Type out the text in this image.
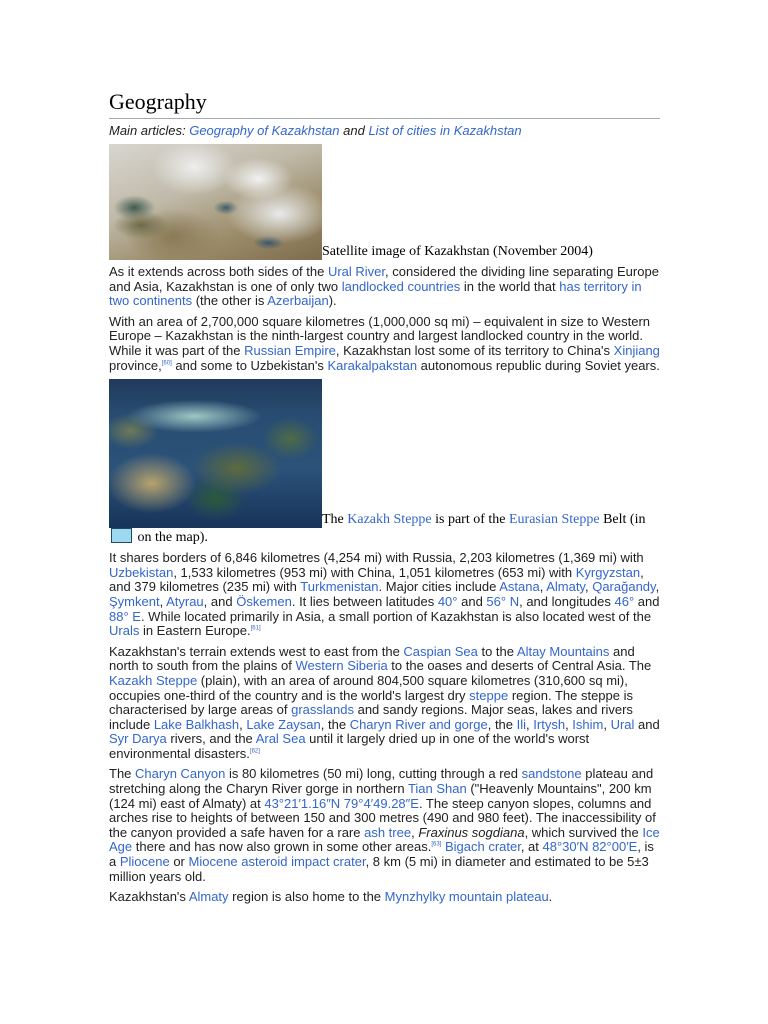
Geography
Main articles: Geography of Kazakhstan and List of cities in Kazakhstan
Satellite image of Kazakhstan (November 2004)

As it extends across both sides of the Ural River, considered the dividing line separating Europe and Asia, Kazakhstan is one of only two landlocked countries in the world that has territory in two continents (the other is Azerbaijan).

With an area of 2,700,000 square kilometres (1,000,000 sq mi) – equivalent in size to Western Europe – Kazakhstan is the ninth-largest country and largest landlocked country in the world. While it was part of the Russian Empire, Kazakhstan lost some of its territory to China's Xinjiang province,[60] and some to Uzbekistan's Karakalpakstan autonomous republic during Soviet years.

The Kazakh Steppe is part of the Eurasian Steppe Belt (in  on the map).

It shares borders of 6,846 kilometres (4,254 mi) with Russia, 2,203 kilometres (1,369 mi) with Uzbekistan, 1,533 kilometres (953 mi) with China, 1,051 kilometres (653 mi) with Kyrgyzstan, and 379 kilometres (235 mi) with Turkmenistan. Major cities include Astana, Almaty, Qarağandy, Şymkent, Atyrau, and Öskemen. It lies between latitudes 40° and 56° N, and longitudes 46° and 88° E. While located primarily in Asia, a small portion of Kazakhstan is also located west of the Urals in Eastern Europe.[61]

Kazakhstan's terrain extends west to east from the Caspian Sea to the Altay Mountains and north to south from the plains of Western Siberia to the oases and deserts of Central Asia. The Kazakh Steppe (plain), with an area of around 804,500 square kilometres (310,600 sq mi), occupies one-third of the country and is the world's largest dry steppe region. The steppe is characterised by large areas of grasslands and sandy regions. Major seas, lakes and rivers include Lake Balkhash, Lake Zaysan, the Charyn River and gorge, the Ili, Irtysh, Ishim, Ural and Syr Darya rivers, and the Aral Sea until it largely dried up in one of the world's worst environmental disasters.[62]

The Charyn Canyon is 80 kilometres (50 mi) long, cutting through a red sandstone plateau and stretching along the Charyn River gorge in northern Tian Shan ("Heavenly Mountains", 200 km (124 mi) east of Almaty) at 43°21′1.16″N 79°4′49.28″E. The steep canyon slopes, columns and arches rise to heights of between 150 and 300 metres (490 and 980 feet). The inaccessibility of the canyon provided a safe haven for a rare ash tree, Fraxinus sogdiana, which survived the Ice Age there and has now also grown in some other areas.[63] Bigach crater, at 48°30′N 82°00′E, is a Pliocene or Miocene asteroid impact crater, 8 km (5 mi) in diameter and estimated to be 5±3 million years old.

Kazakhstan's Almaty region is also home to the Mynzhylky mountain plateau.
